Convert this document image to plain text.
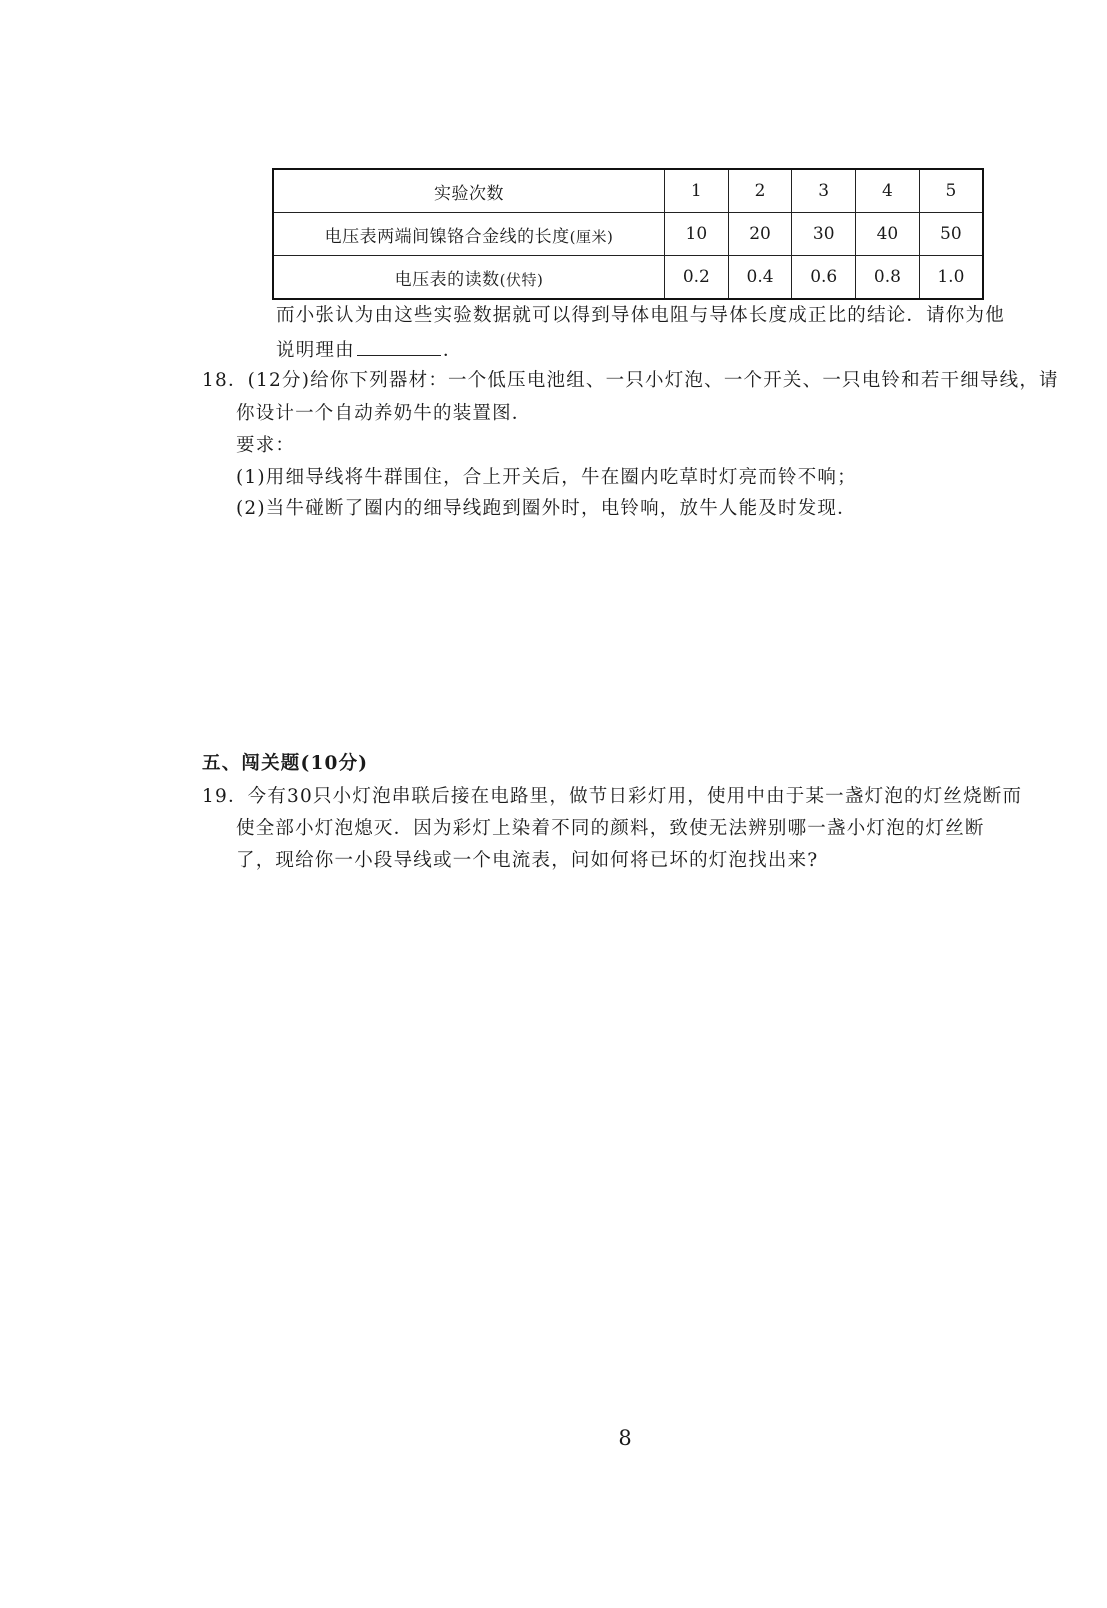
实验次数	1	2	3	4	5
电压表两端间镍铬合金线的长度(厘米)	10	20	30	40	50
电压表的读数(伏特)	0.2	0.4	0.6	0.8	1.0
而小张认为由这些实验数据就可以得到导体电阻与导体长度成正比的结论．请你为他
说明理由	．
18．(12分)给你下列器材：一个低压电池组、一只小灯泡、一个开关、一只电铃和若干细导线，请
你设计一个自动养奶牛的装置图．
要求：
(1)用细导线将牛群围住，合上开关后，牛在圈内吃草时灯亮而铃不响；
(2)当牛碰断了圈内的细导线跑到圈外时，电铃响，放牛人能及时发现．
五、闯关题(10分)
19．今有30只小灯泡串联后接在电路里，做节日彩灯用，使用中由于某一盏灯泡的灯丝烧断而
使全部小灯泡熄灭．因为彩灯上染着不同的颜料，致使无法辨别哪一盏小灯泡的灯丝断
了，现给你一小段导线或一个电流表，问如何将已坏的灯泡找出来?
8
